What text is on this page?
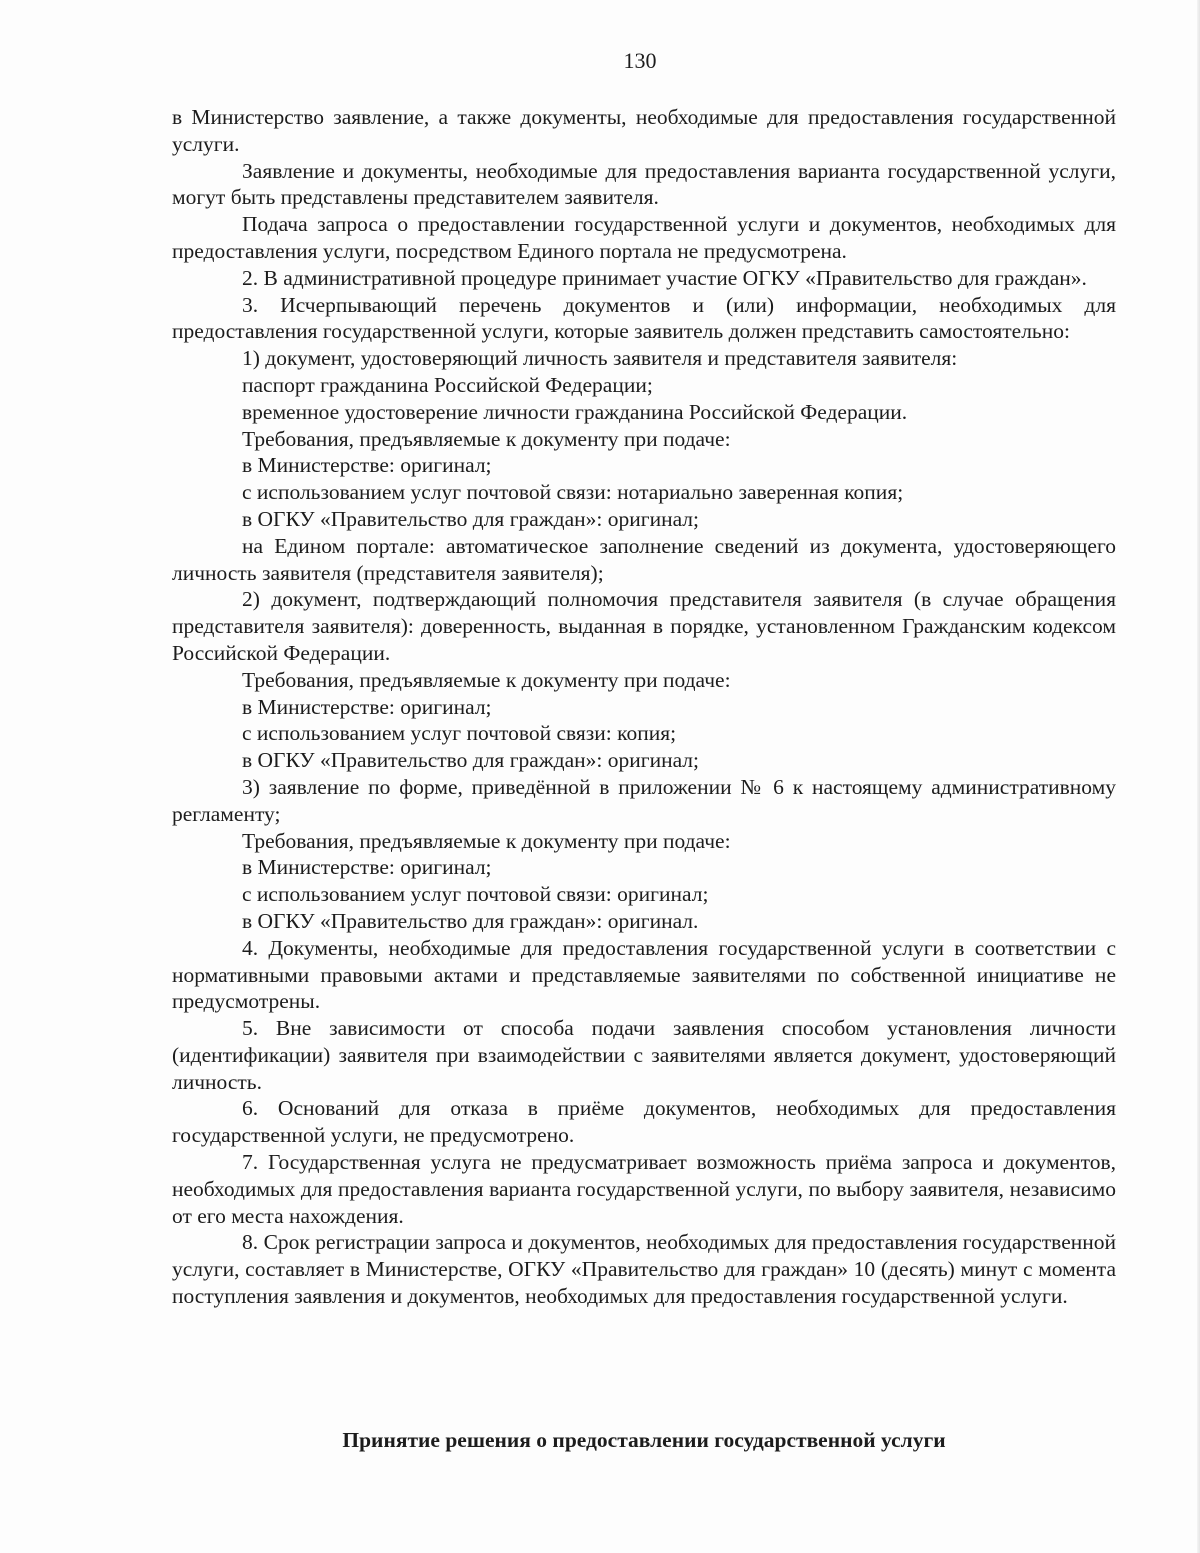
130

в Министерство заявление, а также документы, необходимые для предоставления государственной услуги.

Заявление и документы, необходимые для предоставления варианта государственной услуги, могут быть представлены представителем заявителя.

Подача запроса о предоставлении государственной услуги и документов, необходимых для предоставления услуги, посредством Единого портала не предусмотрена.

2. В административной процедуре принимает участие ОГКУ «Правительство для граждан».

3. Исчерпывающий перечень документов и (или) информации, необходимых для предоставления государственной услуги, которые заявитель должен представить самостоятельно:

1) документ, удостоверяющий личность заявителя и представителя заявителя:

паспорт гражданина Российской Федерации;

временное удостоверение личности гражданина Российской Федерации.

Требования, предъявляемые к документу при подаче:

в Министерстве: оригинал;

с использованием услуг почтовой связи: нотариально заверенная копия;

в ОГКУ «Правительство для граждан»: оригинал;

на Едином портале: автоматическое заполнение сведений из документа, удостоверяющего личность заявителя (представителя заявителя);

2) документ, подтверждающий полномочия представителя заявителя (в случае обращения представителя заявителя): доверенность, выданная в порядке, установленном Гражданским кодексом Российской Федерации.

Требования, предъявляемые к документу при подаче:

в Министерстве: оригинал;

с использованием услуг почтовой связи: копия;

в ОГКУ «Правительство для граждан»: оригинал;

3) заявление по форме, приведённой в приложении № 6 к настоящему административному регламенту;

Требования, предъявляемые к документу при подаче:

в Министерстве: оригинал;

с использованием услуг почтовой связи: оригинал;

в ОГКУ «Правительство для граждан»: оригинал.

4. Документы, необходимые для предоставления государственной услуги в соответствии с нормативными правовыми актами и представляемые заявителями по собственной инициативе не предусмотрены.

5. Вне зависимости от способа подачи заявления способом установления личности (идентификации) заявителя при взаимодействии с заявителями является документ, удостоверяющий личность.

6. Оснований для отказа в приёме документов, необходимых для предоставления государственной услуги, не предусмотрено.

7. Государственная услуга не предусматривает возможность приёма запроса и документов, необходимых для предоставления варианта государственной услуги, по выбору заявителя, независимо от его места нахождения.

8. Срок регистрации запроса и документов, необходимых для предоставления государственной услуги, составляет в Министерстве, ОГКУ «Правительство для граждан» 10 (десять) минут с момента поступления заявления и документов, необходимых для предоставления государственной услуги.

Принятие решения о предоставлении государственной услуги
